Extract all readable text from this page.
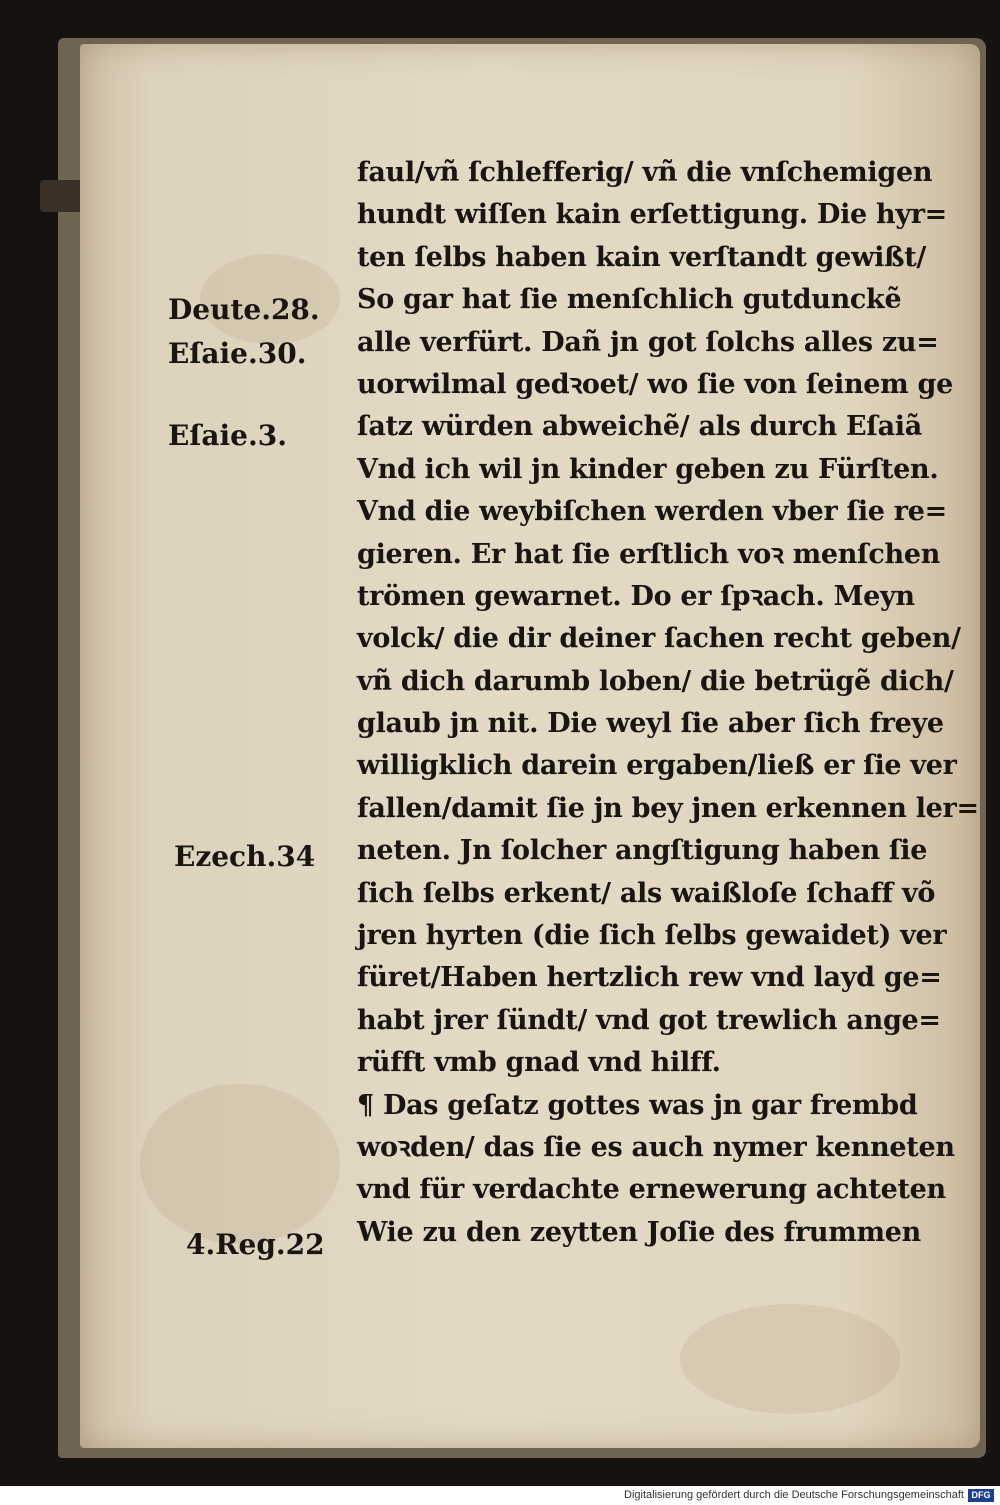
faul/vñ ſchlefferig/ vñ die vnſchemigen
hundt wiſſen kain erſettigung. Die hyr=
ten ſelbs haben kain verſtandt gewißt/
So gar hat ſie menſchlich gutdunckẽ
alle verfürt. Dañ jn got ſolchs alles zu=
uorwilmal gedꝛoet/ wo ſie von ſeinem ge
ſatz würden abweichẽ/ als durch Eſaiã
Vnd ich wil jn kinder geben zu Fürſten.
Vnd die weybiſchen werden vber ſie re=
gieren. Er hat ſie erſtlich voꝛ menſchen
trömen gewarnet. Do er ſpꝛach. Meyn
volck/ die dir deiner ſachen recht geben/
vñ dich darumb loben/ die betrügẽ dich/
glaub jn nit. Die weyl ſie aber ſich freye
willigklich darein ergaben/ließ er ſie ver
fallen/damit ſie jn bey jnen erkennen ler=
neten. Jn ſolcher angſtigung haben ſie
ſich ſelbs erkent/ als waißloſe ſchaff võ
jren hyrten (die ſich ſelbs gewaidet) ver
füret/Haben hertzlich rew vnd layd ge=
habt jrer ſündt/ vnd got trewlich ange=
rüfft vmb gnad vnd hilff.
¶ Das geſatz gottes was jn gar frembd
woꝛden/ das ſie es auch nymer kenneten
vnd für verdachte ernewerung achteten
Wie zu den zeytten Joſie des frummen
Deute.28.
Eſaie.30.
Eſaie.3.
Ezech.34
4.Reg.22
Digitalisierung gefördert durch die Deutsche Forschungsgemeinschaft DFG
